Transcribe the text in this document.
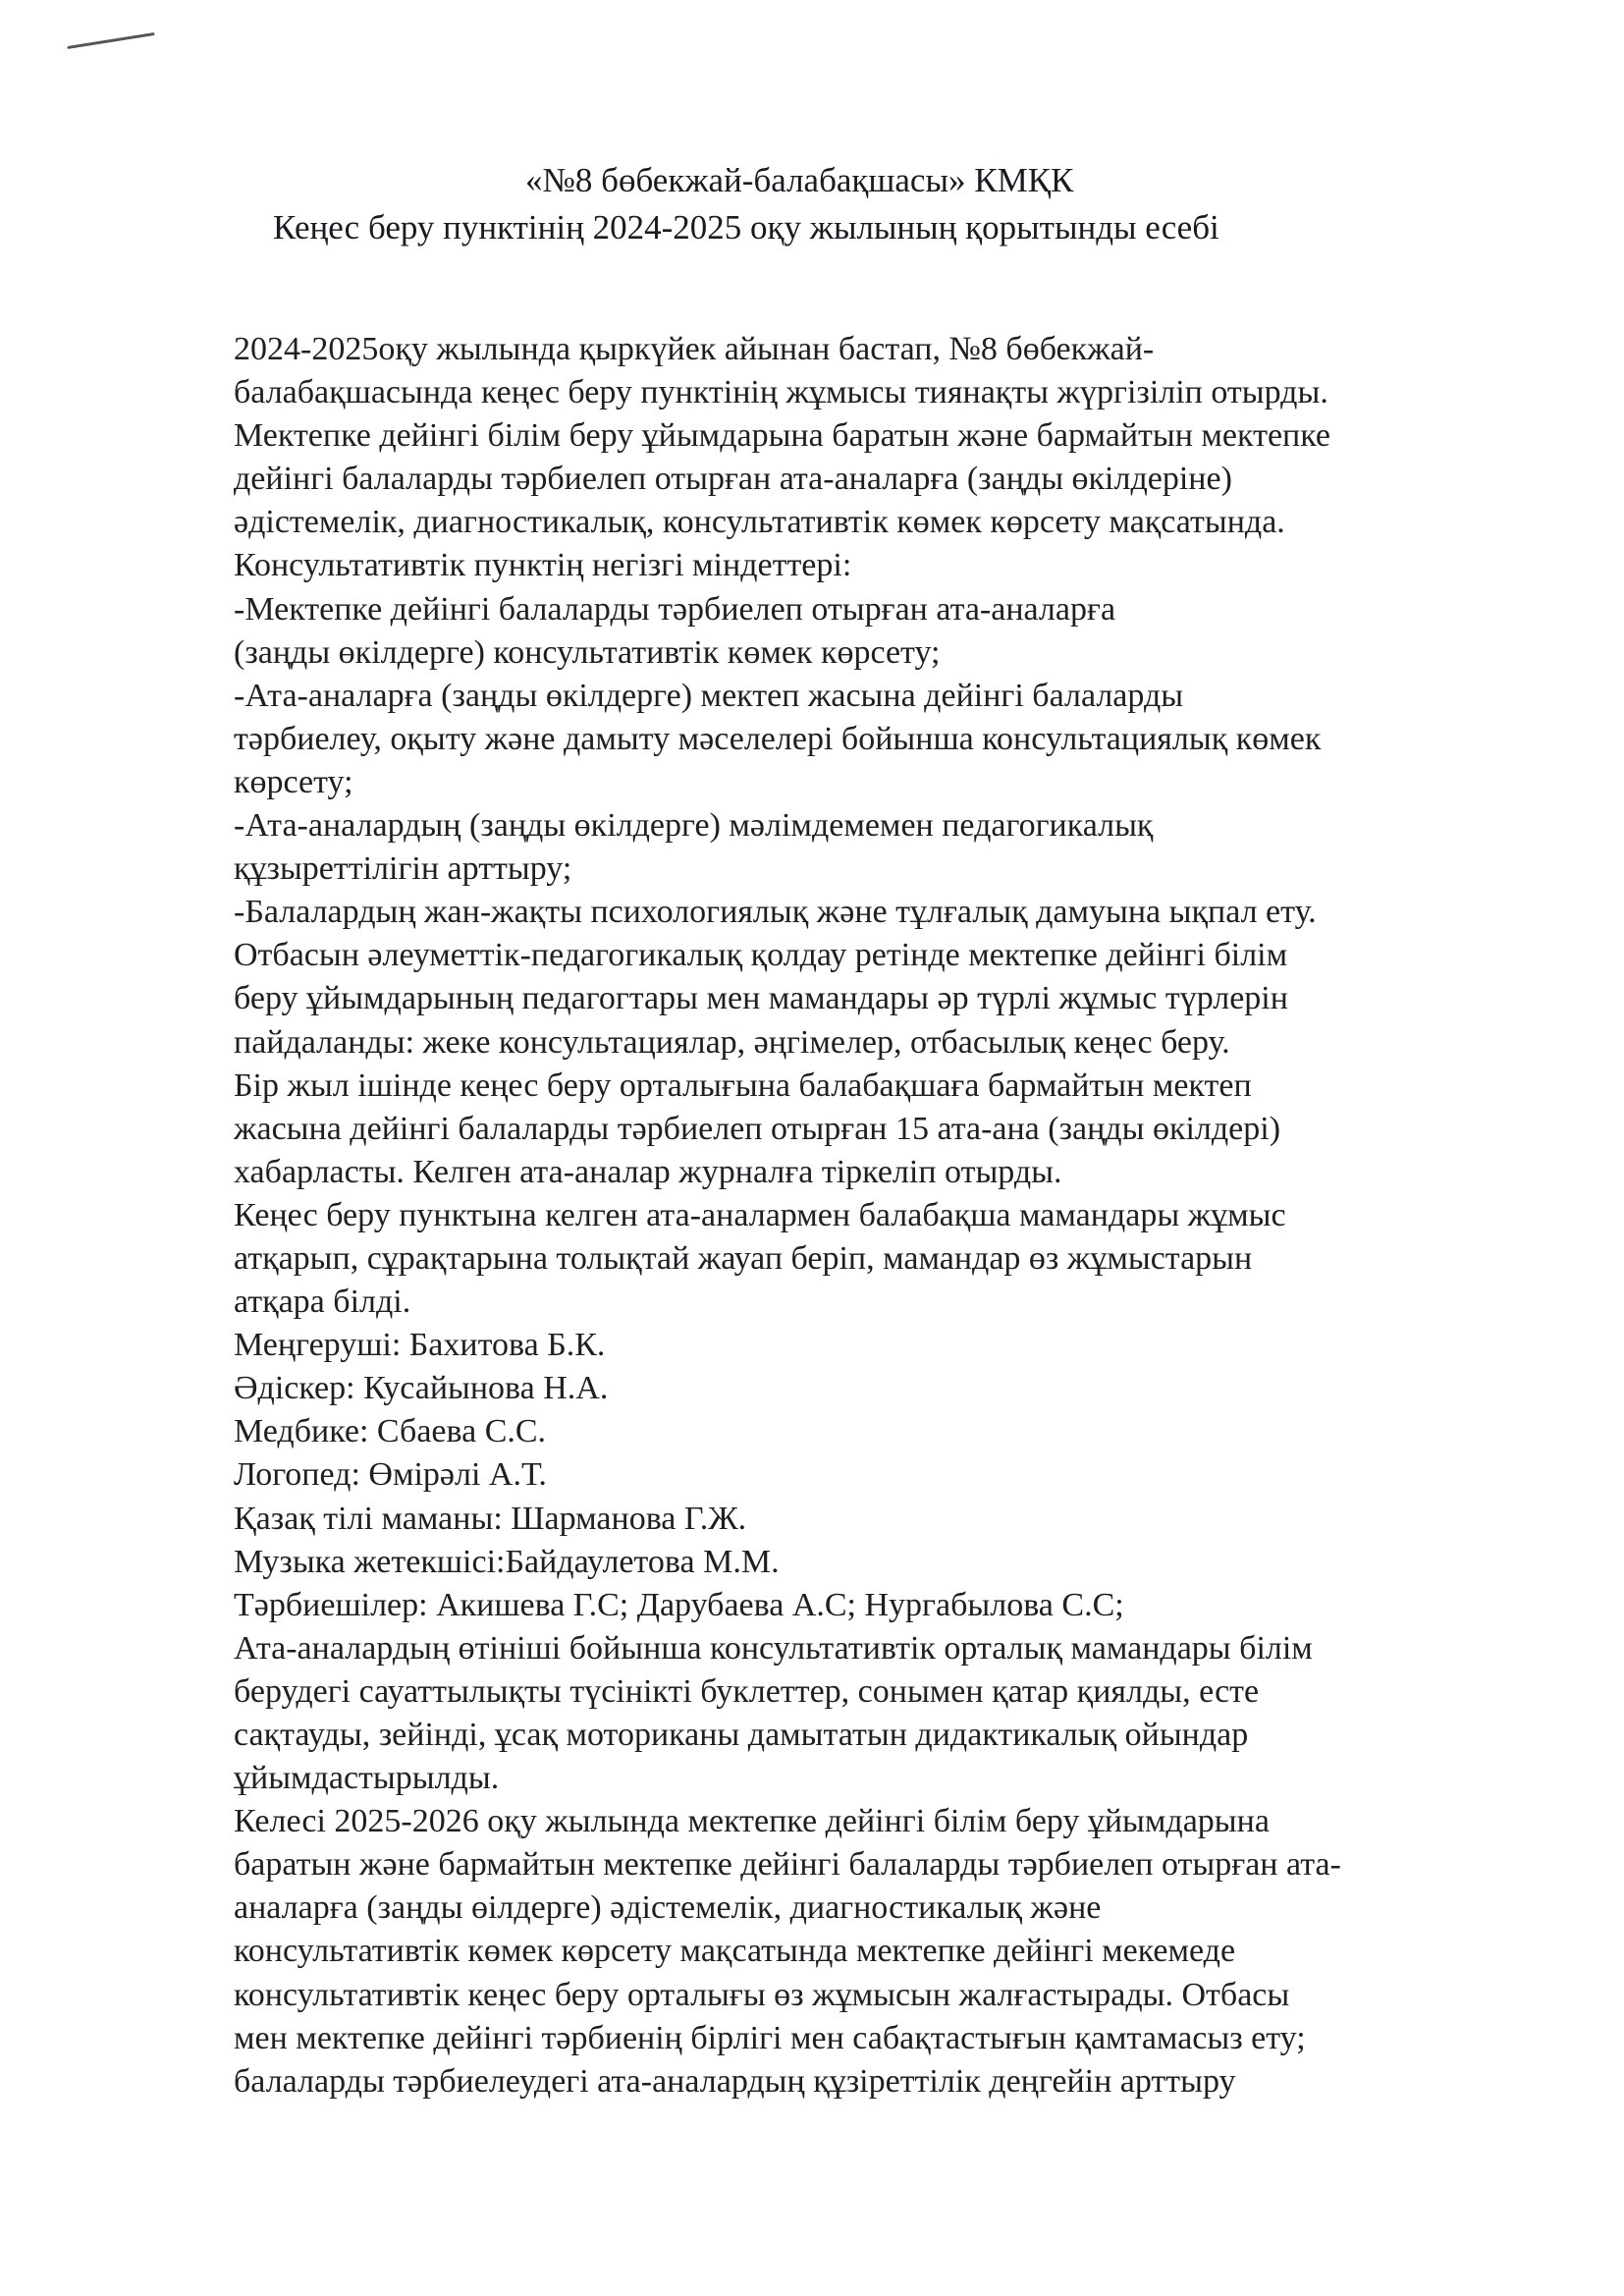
«№8 бөбекжай-балабақшасы» КМҚК
Кеңес беру пунктінің 2024-2025 оқу жылының қорытынды есебі
2024-2025оқу жылында қыркүйек айынан бастап, №8 бөбекжай-
балабақшасында кеңес беру пунктінің жұмысы тиянақты жүргізіліп отырды.
Мектепке дейінгі білім беру ұйымдарына баратын және бармайтын мектепке
дейінгі балаларды тәрбиелеп отырған ата-аналарға (заңды өкілдеріне)
әдістемелік, диагностикалық, консультативтік көмек көрсету мақсатында.
Консультативтік пунктің негізгі міндеттері:
-Мектепке дейінгі балаларды тәрбиелеп отырған ата-аналарға
(заңды өкілдерге) консультативтік көмек көрсету;
-Ата-аналарға (заңды өкілдерге) мектеп жасына дейінгі балаларды
тәрбиелеу, оқыту және дамыту мәселелері бойынша консультациялық көмек
көрсету;
-Ата-аналардың (заңды өкілдерге) мәлімдемемен педагогикалық
құзыреттілігін арттыру;
-Балалардың жан-жақты психологиялық және тұлғалық дамуына ықпал ету.
Отбасын әлеуметтік-педагогикалық қолдау ретінде мектепке дейінгі білім
беру ұйымдарының педагогтары мен мамандары әр түрлі жұмыс түрлерін
пайдаланды: жеке консультациялар, әңгімелер, отбасылық кеңес беру.
Бір жыл ішінде кеңес беру орталығына балабақшаға бармайтын мектеп
жасына дейінгі балаларды тәрбиелеп отырған 15 ата-ана (заңды өкілдері)
хабарласты. Келген ата-аналар журналға тіркеліп отырды.
Кеңес беру пунктына келген ата-аналармен балабақша мамандары жұмыс
атқарып, сұрақтарына толықтай жауап беріп, мамандар өз жұмыстарын
атқара білді.
Меңгеруші: Бахитова Б.К.
Әдіскер: Кусайынова Н.А.
Медбике: Сбаева С.С.
Логопед: Өмірәлі А.Т.
Қазақ тілі маманы: Шарманова Г.Ж.
Музыка жетекшісі:Байдаулетова М.М.
Тәрбиешілер: Акишева Г.С; Дарубаева А.С; Нургабылова С.С;
Ата-аналардың өтініші бойынша консультативтік орталық мамандары білім
берудегі сауаттылықты түсінікті буклеттер, сонымен қатар қиялды, есте
сақтауды, зейінді, ұсақ моториканы дамытатын дидактикалық ойындар
ұйымдастырылды.
Келесі 2025-2026 оқу жылында мектепке дейінгі білім беру ұйымдарына
баратын және бармайтын мектепке дейінгі балаларды тәрбиелеп отырған ата-
аналарға (заңды өілдерге) әдістемелік, диагностикалық және
консультативтік көмек көрсету мақсатында мектепке дейінгі мекемеде
консультативтік кеңес беру орталығы өз жұмысын жалғастырады. Отбасы
мен мектепке дейінгі тәрбиенің бірлігі мен сабақтастығын қамтамасыз ету;
балаларды тәрбиелеудегі ата-аналардың құзіреттілік деңгейін арттыру
